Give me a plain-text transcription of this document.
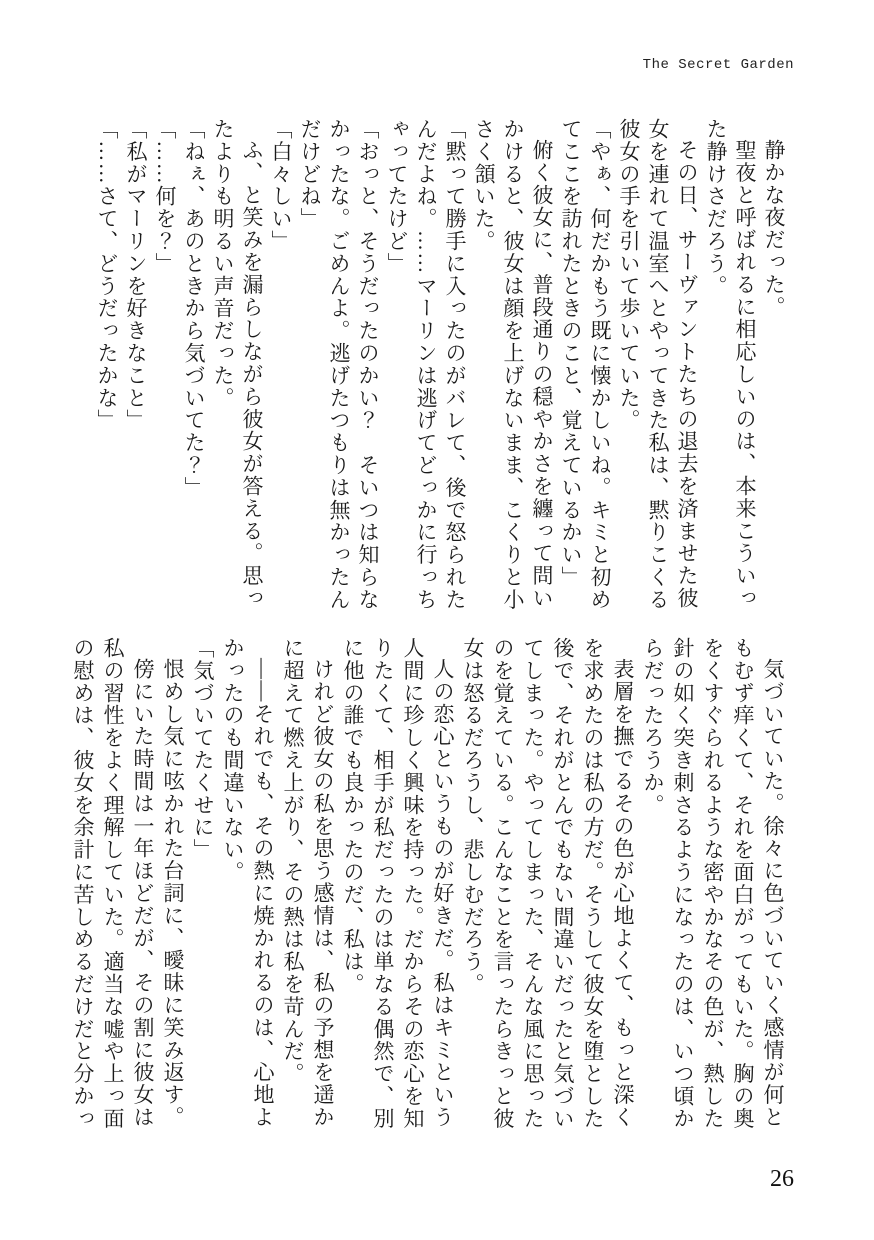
The Secret Garden

静かな夜だった。

聖夜と呼ばれるに相応しいのは、本来こういった静けさだろう。

その日、サーヴァントたちの退去を済ませた彼女を連れて温室へとやってきた私は、黙りこくる彼女の手を引いて歩いていた。

「やぁ、何だかもう既に懐かしいね。キミと初めてここを訪れたときのこと、覚えているかい」

俯く彼女に、普段通りの穏やかさを纏って問いかけると、彼女は顔を上げないまま、こくりと小さく頷いた。

「黙って勝手に入ったのがバレて、後で怒られたんだよね。……マーリンは逃げてどっかに行っちゃってたけど」

「おっと、そうだったのかい？　そいつは知らなかったな。ごめんよ。逃げたつもりは無かったんだけどね」

「白々しい」

ふ、と笑みを漏らしながら彼女が答える。思ったよりも明るい声音だった。

「ねぇ、あのときから気づいてた？」

「……何を？」

「私がマーリンを好きなこと」

「……さて、どうだったかな」

気づいていた。徐々に色づいていく感情が何ともむず痒くて、それを面白がってもいた。胸の奥をくすぐられるような密やかなその色が、熱した針の如く突き刺さるようになったのは、いつ頃からだったろうか。

表層を撫でるその色が心地よくて、もっと深くを求めたのは私の方だ。そうして彼女を堕とした後で、それがとんでもない間違いだったと気づいてしまった。やってしまった、そんな風に思ったのを覚えている。こんなことを言ったらきっと彼女は怒るだろうし、悲しむだろう。

人の恋心というものが好きだ。私はキミという人間に珍しく興味を持った。だからその恋心を知りたくて、相手が私だったのは単なる偶然で、別に他の誰でも良かったのだ、私は。

けれど彼女の私を思う感情は、私の予想を遥かに超えて燃え上がり、その熱は私を苛んだ。

――それでも、その熱に焼かれるのは、心地よかったのも間違いない。

「気づいてたくせに」

恨めし気に呟かれた台詞に、曖昧に笑み返す。

傍にいた時間は一年ほどだが、その割に彼女は私の習性をよく理解していた。適当な嘘や上っ面の慰めは、彼女を余計に苦しめるだけだと分かっ

26
